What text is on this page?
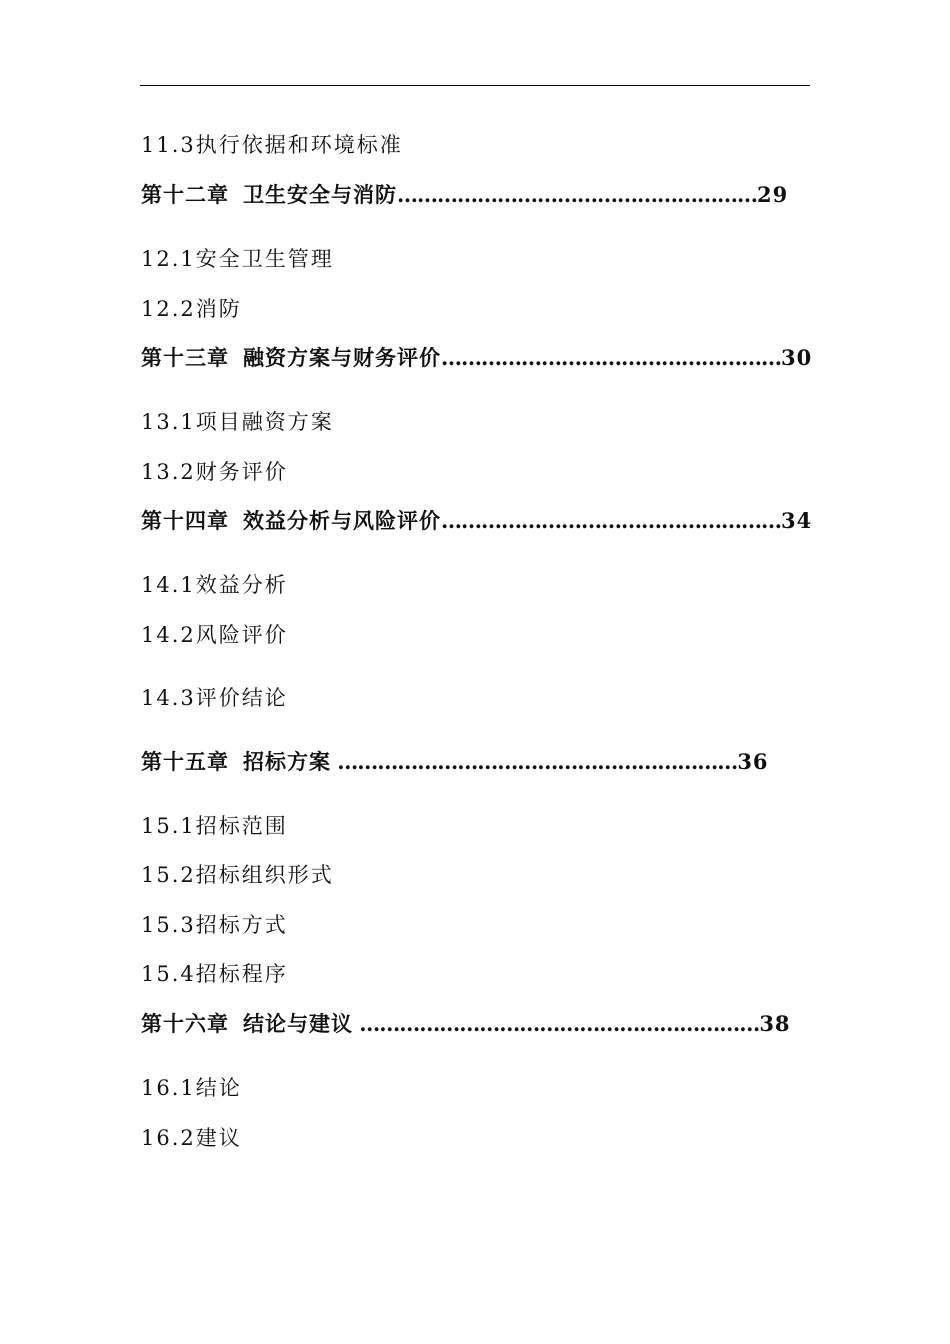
11.3执行依据和环境标准
第十二章 卫生安全与消防………………………………………………29
12.1安全卫生管理
12.2消防
第十三章 融资方案与财务评价……………………………………………30
13.1项目融资方案
13.2财务评价
第十四章 效益分析与风险评价……………………………………………34
14.1效益分析
14.2风险评价
14.3评价结论
第十五章 招标方案 ……………………………………………………36
15.1招标范围
15.2招标组织形式
15.3招标方式
15.4招标程序
第十六章 结论与建议 ……………………………………………………38
16.1结论
16.2建议
